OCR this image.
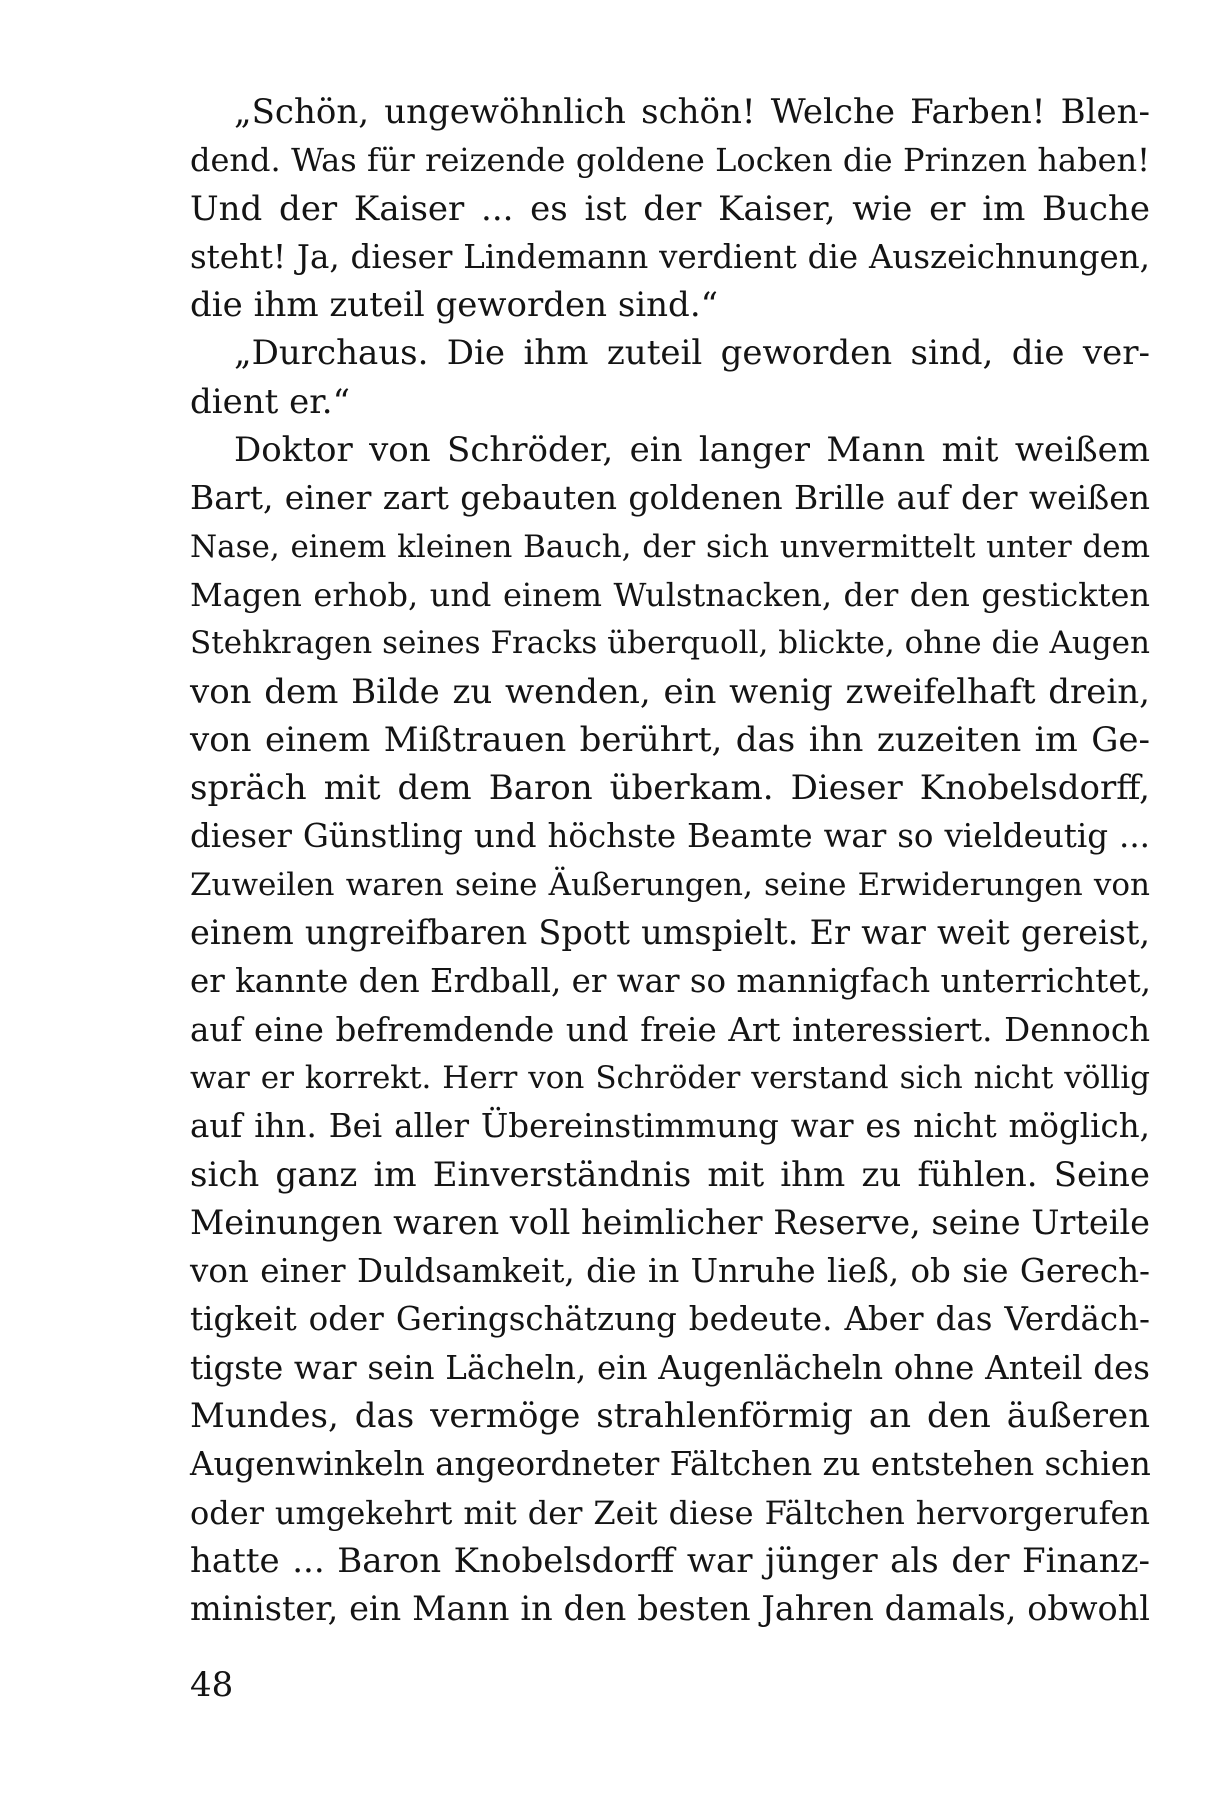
„Schön, ungewöhnlich schön! Welche Farben! Blen-
dend. Was für reizende goldene Locken die Prinzen haben!
Und der Kaiser ... es ist der Kaiser, wie er im Buche
steht! Ja, dieser Lindemann verdient die Auszeichnungen,
die ihm zuteil geworden sind.“
„Durchaus. Die ihm zuteil geworden sind, die ver-
dient er.“
Doktor von Schröder, ein langer Mann mit weißem
Bart, einer zart gebauten goldenen Brille auf der weißen
Nase, einem kleinen Bauch, der sich unvermittelt unter dem
Magen erhob, und einem Wulstnacken, der den gestickten
Stehkragen seines Fracks überquoll, blickte, ohne die Augen
von dem Bilde zu wenden, ein wenig zweifelhaft drein,
von einem Mißtrauen berührt, das ihn zuzeiten im Ge-
spräch mit dem Baron überkam. Dieser Knobelsdorff,
dieser Günstling und höchste Beamte war so vieldeutig ...
Zuweilen waren seine Äußerungen, seine Erwiderungen von
einem ungreifbaren Spott umspielt. Er war weit gereist,
er kannte den Erdball, er war so mannigfach unterrichtet,
auf eine befremdende und freie Art interessiert. Dennoch
war er korrekt. Herr von Schröder verstand sich nicht völlig
auf ihn. Bei aller Übereinstimmung war es nicht möglich,
sich ganz im Einverständnis mit ihm zu fühlen. Seine
Meinungen waren voll heimlicher Reserve, seine Urteile
von einer Duldsamkeit, die in Unruhe ließ, ob sie Gerech-
tigkeit oder Geringschätzung bedeute. Aber das Verdäch-
tigste war sein Lächeln, ein Augenlächeln ohne Anteil des
Mundes, das vermöge strahlenförmig an den äußeren
Augenwinkeln angeordneter Fältchen zu entstehen schien
oder umgekehrt mit der Zeit diese Fältchen hervorgerufen
hatte ... Baron Knobelsdorff war jünger als der Finanz-
minister, ein Mann in den besten Jahren damals, obwohl
48
